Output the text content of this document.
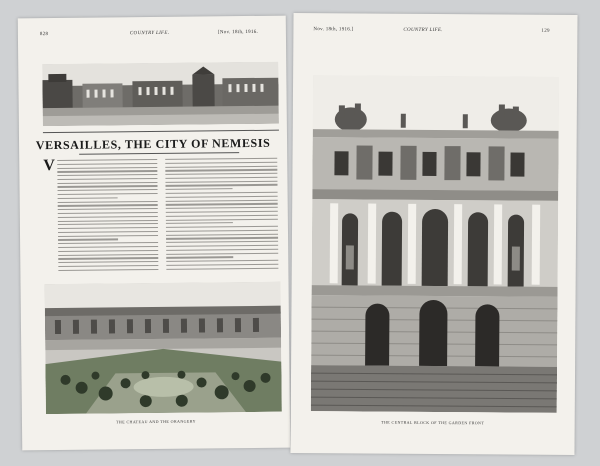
828	COUNTRY LIFE.	[Nov. 18th, 1916.
VERSAILLES, THE CITY OF NEMESIS
V
THE CHATEAU AND THE ORANGERY
Nov. 18th, 1916.]	COUNTRY LIFE.	129
THE CENTRAL BLOCK OF THE GARDEN FRONT
